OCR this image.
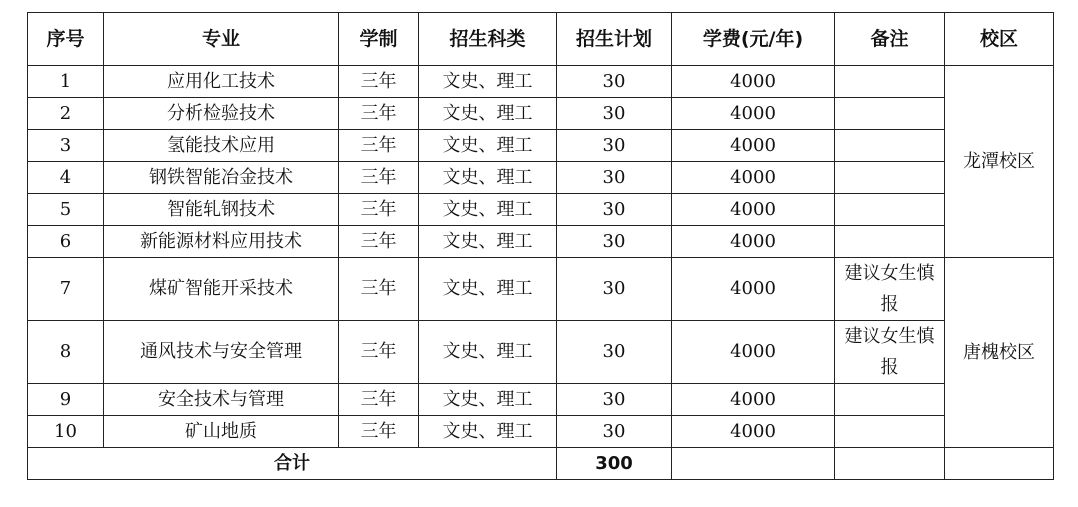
序号	专业	学制	招生科类	招生计划	学费(元/年)	备注	校区
1	应用化工技术	三年	文史、理工	30	4000		龙潭校区
2	分析检验技术	三年	文史、理工	30	4000		
3	氢能技术应用	三年	文史、理工	30	4000		
4	钢铁智能冶金技术	三年	文史、理工	30	4000		
5	智能轧钢技术	三年	文史、理工	30	4000		
6	新能源材料应用技术	三年	文史、理工	30	4000		
7	煤矿智能开采技术	三年	文史、理工	30	4000	建议女生慎报	唐槐校区
8	通风技术与安全管理	三年	文史、理工	30	4000	建议女生慎报	

9	安全技术与管理	三年	文史、理工	30	4000		
10	矿山地质	三年	文史、理工	30	4000		
合计				300			
